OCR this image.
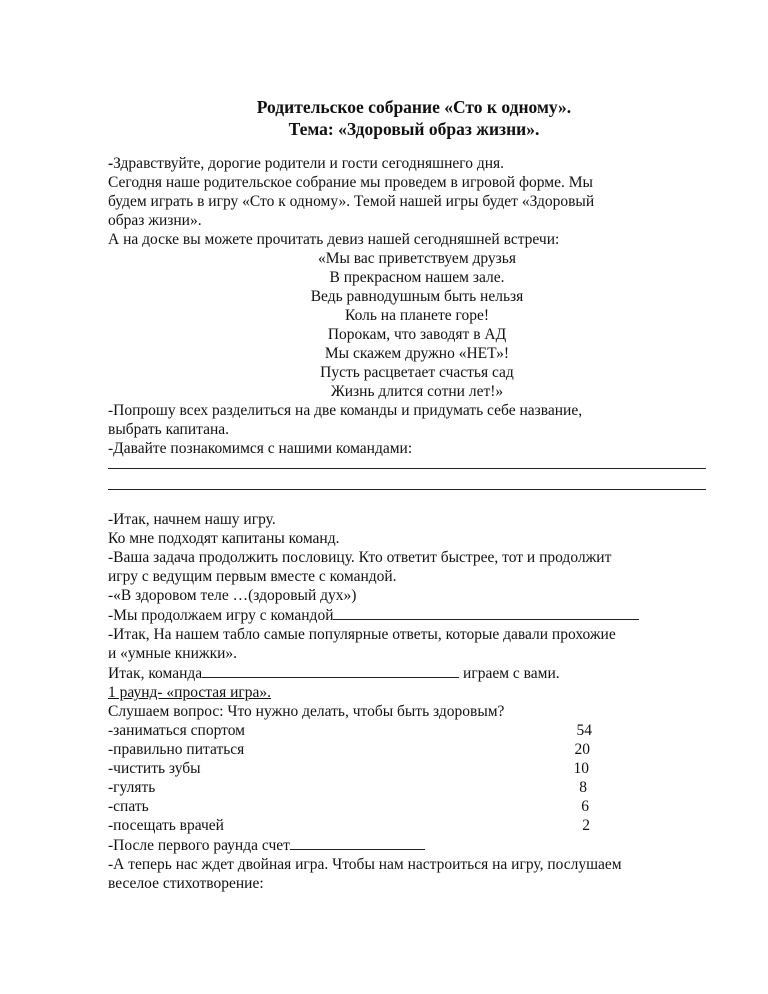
Родительское собрание «Сто к одному».
Тема: «Здоровый образ жизни».
-Здравствуйте, дорогие родители и гости сегодняшнего дня.
Сегодня наше родительское собрание мы проведем в игровой форме. Мы
будем играть в игру «Сто к одному». Темой нашей игры будет «Здоровый
образ жизни».
А на доске вы можете прочитать девиз нашей сегодняшней встречи:
«Мы вас приветствуем друзья
В прекрасном нашем зале.
Ведь равнодушным быть нельзя
Коль на планете горе!
Порокам, что заводят в АД
Мы скажем дружно «НЕТ»!
Пусть расцветает счастья сад
Жизнь длится сотни лет!»
-Попрошу всех разделиться на две команды и придумать себе название,
выбрать капитана.
-Давайте познакомимся с нашими командами:
-Итак, начнем нашу игру.
Ко мне подходят капитаны команд.
-Ваша задача продолжить пословицу. Кто ответит быстрее, тот и продолжит
игру с ведущим первым вместе с командой.
-«В здоровом теле …(здоровый дух»)
-Мы продолжаем игру с командой
-Итак, На нашем табло самые популярные ответы, которые давали прохожие
и «умные книжки».
Итак, команда	играем с вами.
1 раунд- «простая игра».
Слушаем вопрос: Что нужно делать, чтобы быть здоровым?
-заниматься спортом	54
-правильно питаться	20
-чистить зубы	10
-гулять	8
-спать	6
-посещать врачей	2
-После первого раунда счет
-А теперь нас ждет двойная игра. Чтобы нам настроиться на игру, послушаем
веселое стихотворение:
